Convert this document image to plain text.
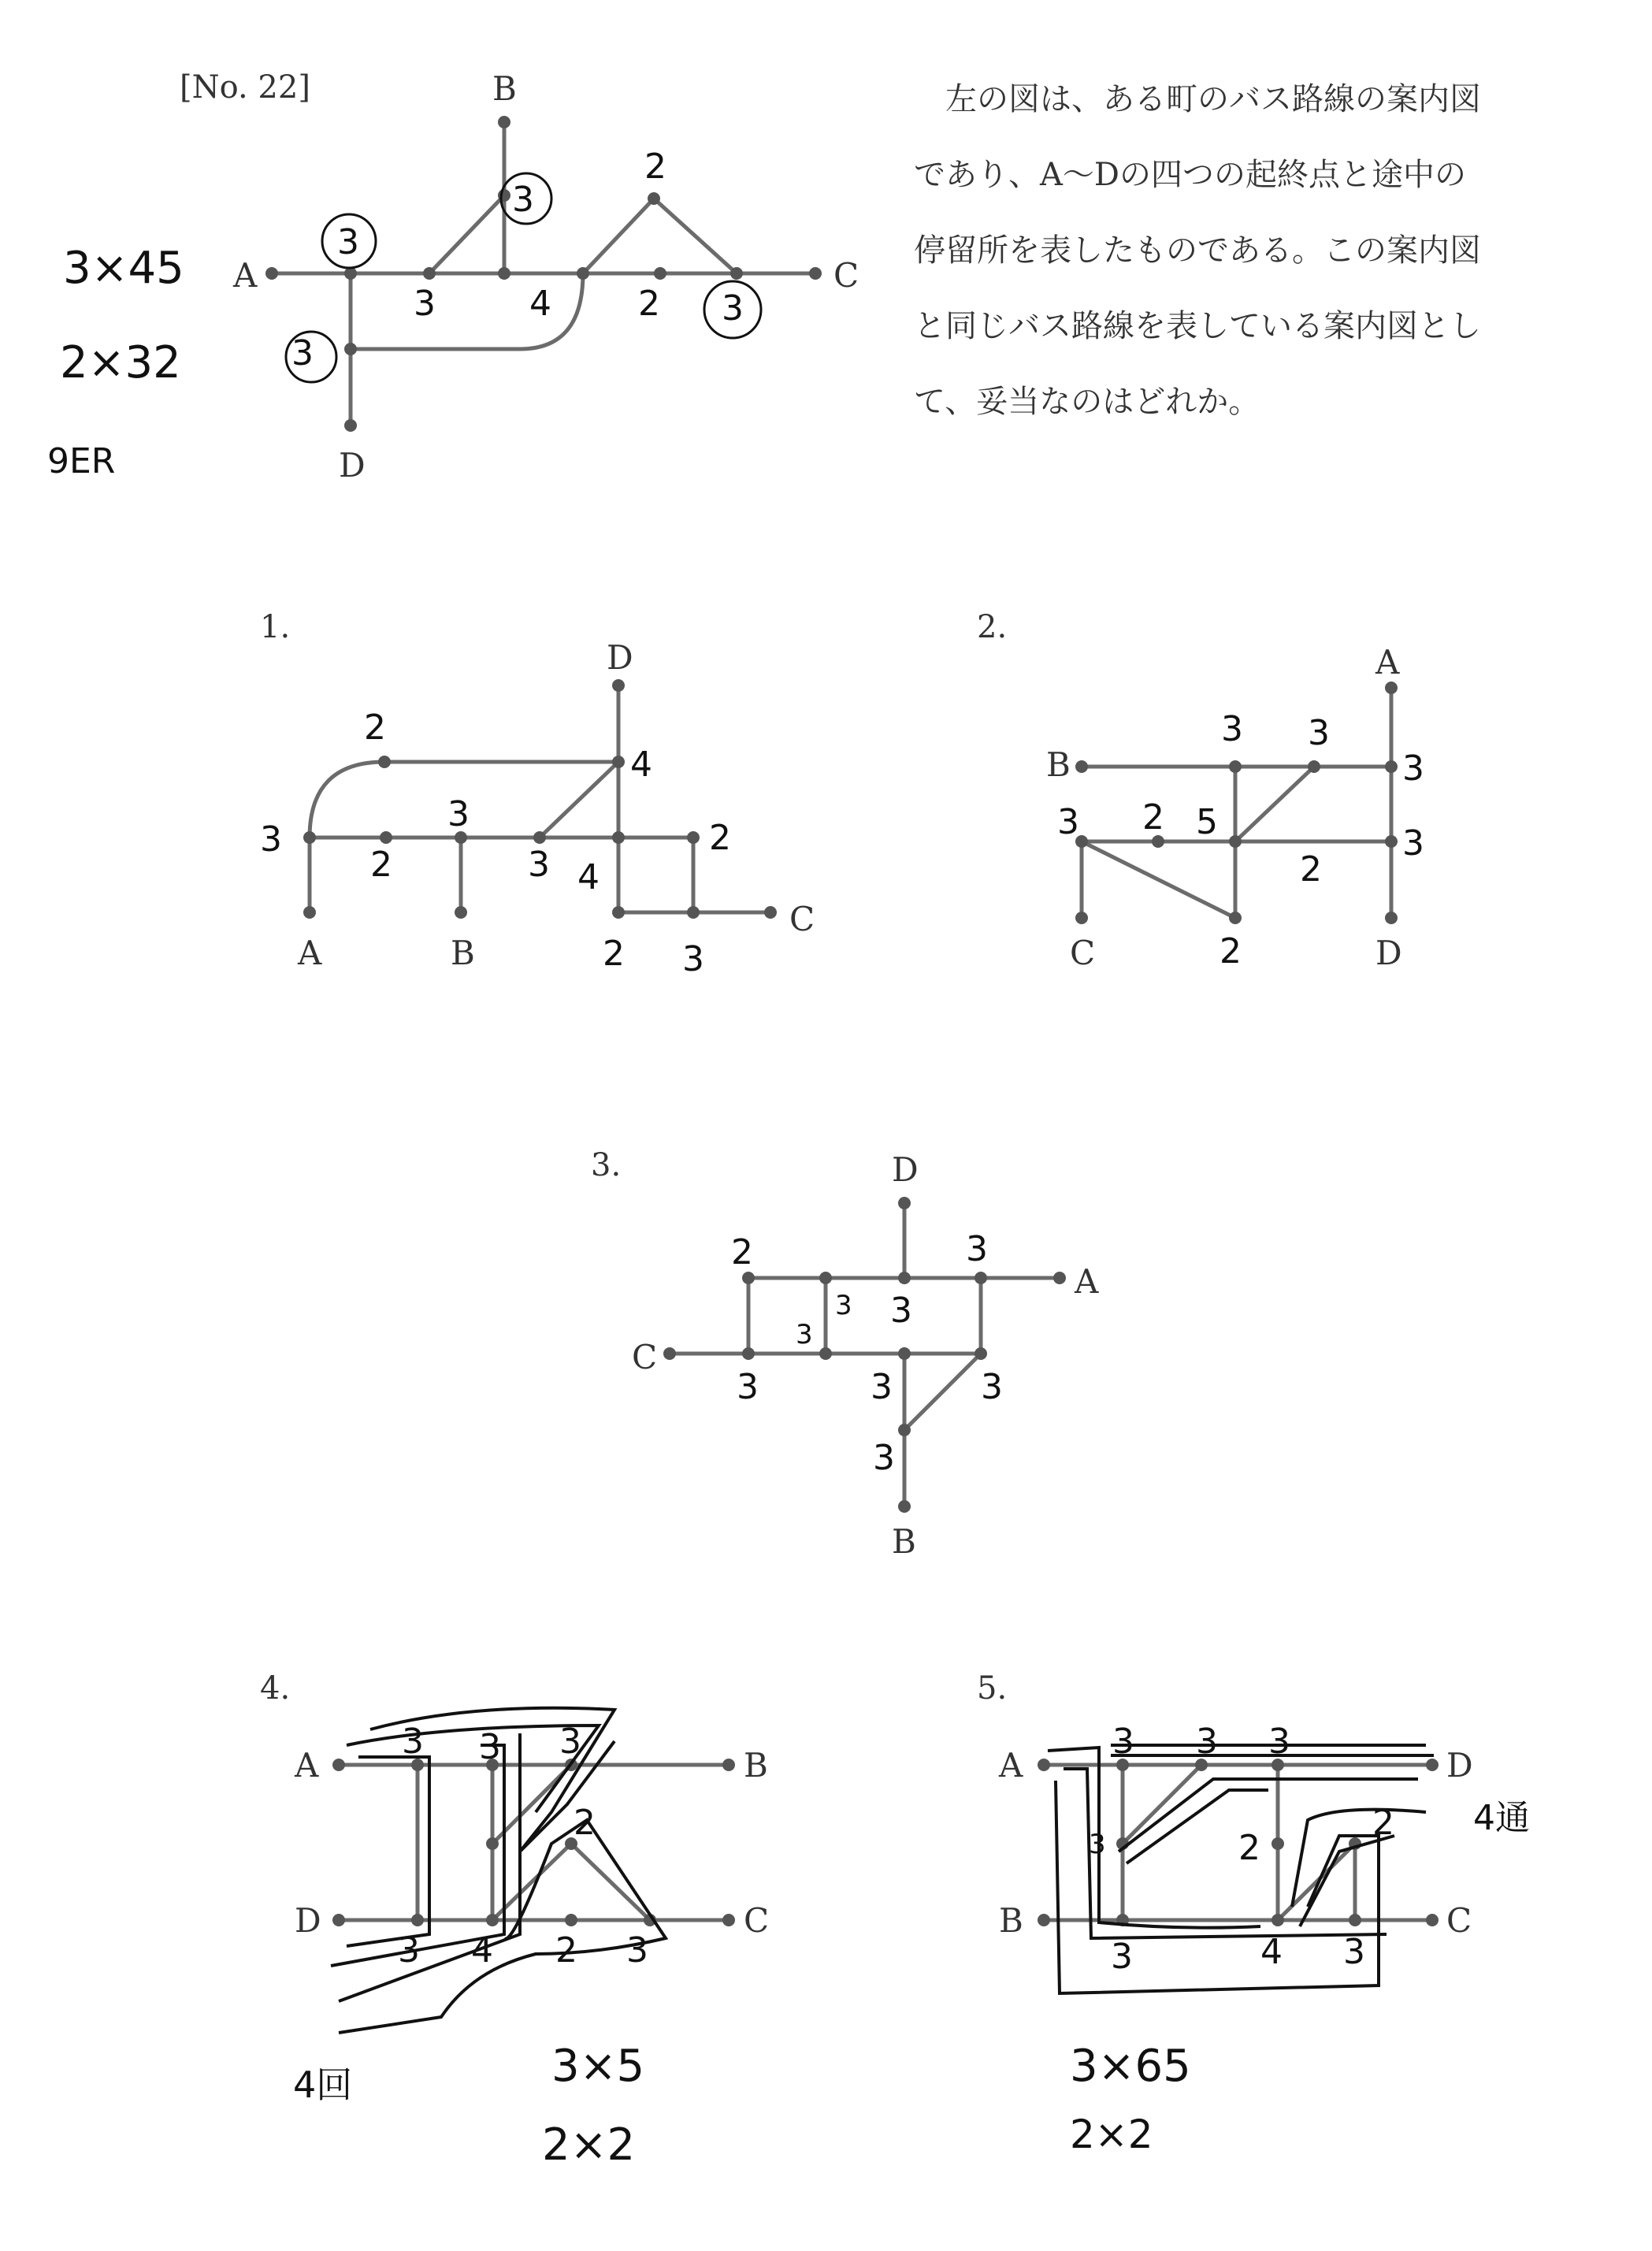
[No. 22]	　左の図は、ある町のバス路線の案内図

であり、A～Dの四つの起終点と途中の

停留所を表したものである。この案内図

と同じバス路線を表している案内図とし

て、妥当なのはどれか。

3×45
2×32
9ER
B
A	C
D
3
3
3
3	4	2 3
2
1.
D
A	B
C
2
4
3
3
2	3 4
2
2 3
2.
A
B
C	D
3 3
3
3
2 5
3
2
2
3.	D
A
C
B
2	3
3 3
3
3	3	3
3
4.
A	B
D	C
3 3 3
2
3 4 2 3
4回	3×5
2×2
5.
A	D
B	C
3 3 3
3	2
2
3	4 3
4通
3×65
2×2
